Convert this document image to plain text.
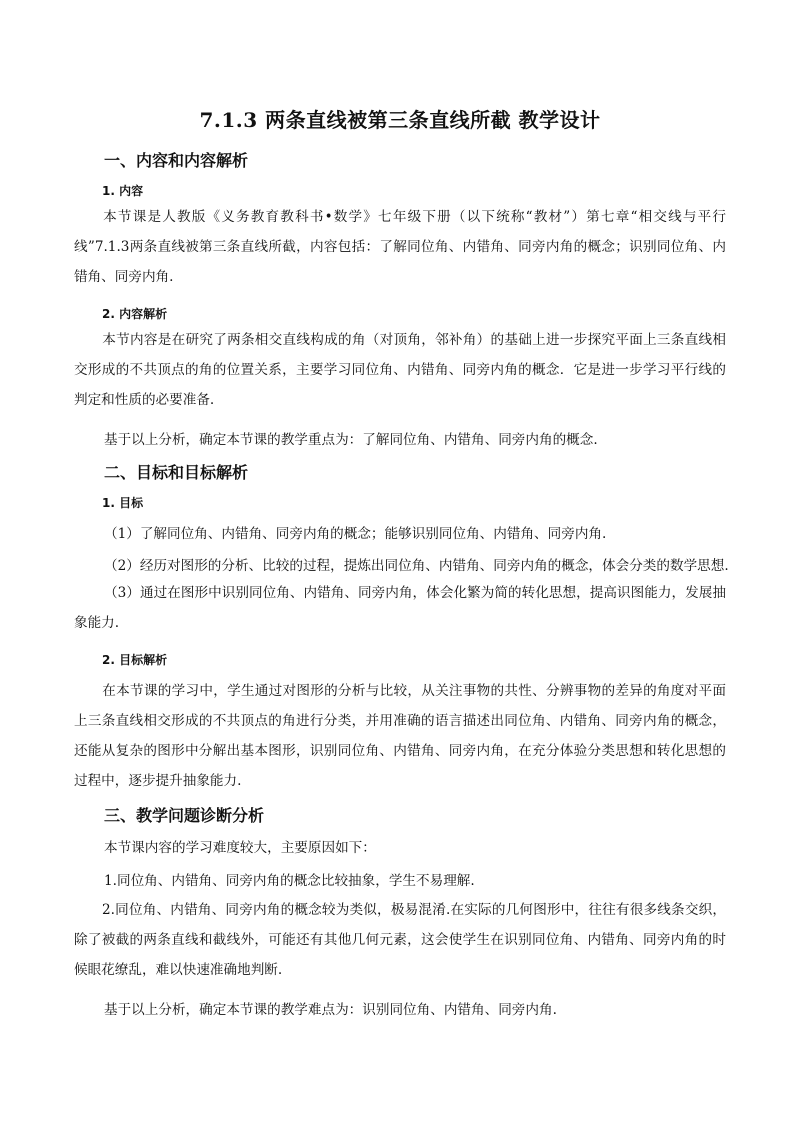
7.1.3 两条直线被第三条直线所截 教学设计
一、内容和内容解析
1. 内容
本节课是人教版《义务教育教科书•数学》七年级下册（以下统称“教材”）第七章“相交线与平行线”7.1.3两条直线被第三条直线所截，内容包括：了解同位角、内错角、同旁内角的概念；识别同位角、内错角、同旁内角.
2. 内容解析
本节内容是在研究了两条相交直线构成的角（对顶角，邻补角）的基础上进一步探究平面上三条直线相交形成的不共顶点的角的位置关系，主要学习同位角、内错角、同旁内角的概念．它是进一步学习平行线的判定和性质的必要准备.
基于以上分析，确定本节课的教学重点为：了解同位角、内错角、同旁内角的概念.
二、目标和目标解析
1. 目标
（1）了解同位角、内错角、同旁内角的概念；能够识别同位角、内错角、同旁内角.
（2）经历对图形的分析、比较的过程，提炼出同位角、内错角、同旁内角的概念，体会分类的数学思想.
（3）通过在图形中识别同位角、内错角、同旁内角，体会化繁为简的转化思想，提高识图能力，发展抽象能力.
2. 目标解析
在本节课的学习中，学生通过对图形的分析与比较，从关注事物的共性、分辨事物的差异的角度对平面上三条直线相交形成的不共顶点的角进行分类，并用准确的语言描述出同位角、内错角、同旁内角的概念，还能从复杂的图形中分解出基本图形，识别同位角、内错角、同旁内角，在充分体验分类思想和转化思想的过程中，逐步提升抽象能力.
三、教学问题诊断分析
本节课内容的学习难度较大，主要原因如下：
1.同位角、内错角、同旁内角的概念比较抽象，学生不易理解.
2.同位角、内错角、同旁内角的概念较为类似，极易混淆.在实际的几何图形中，往往有很多线条交织，除了被截的两条直线和截线外，可能还有其他几何元素，这会使学生在识别同位角、内错角、同旁内角的时候眼花缭乱，难以快速准确地判断.
基于以上分析，确定本节课的教学难点为：识别同位角、内错角、同旁内角.
